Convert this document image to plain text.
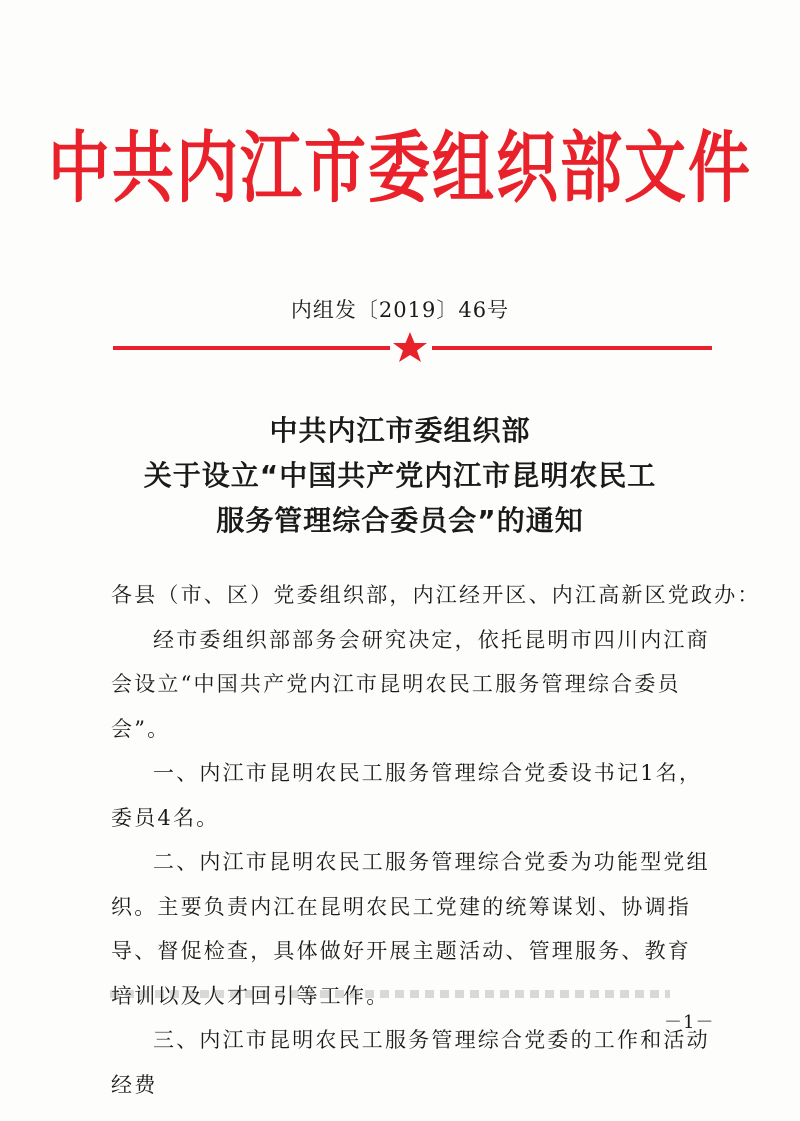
中共内江市委组织部文件
内组发〔2019〕46号
中共内江市委组织部
关于设立“中国共产党内江市昆明农民工
服务管理综合委员会”的通知

各县（市、区）党委组织部，内江经开区、内江高新区党政办：

经市委组织部部务会研究决定，依托昆明市四川内江商会设立“中国共产党内江市昆明农民工服务管理综合委员会”。

一、内江市昆明农民工服务管理综合党委设书记1名，委员4名。

二、内江市昆明农民工服务管理综合党委为功能型党组织。主要负责内江在昆明农民工党建的统筹谋划、协调指导、督促检查，具体做好开展主题活动、管理服务、教育培训以及人才回引等工作。

三、内江市昆明农民工服务管理综合党委的工作和活动经费

－1－
